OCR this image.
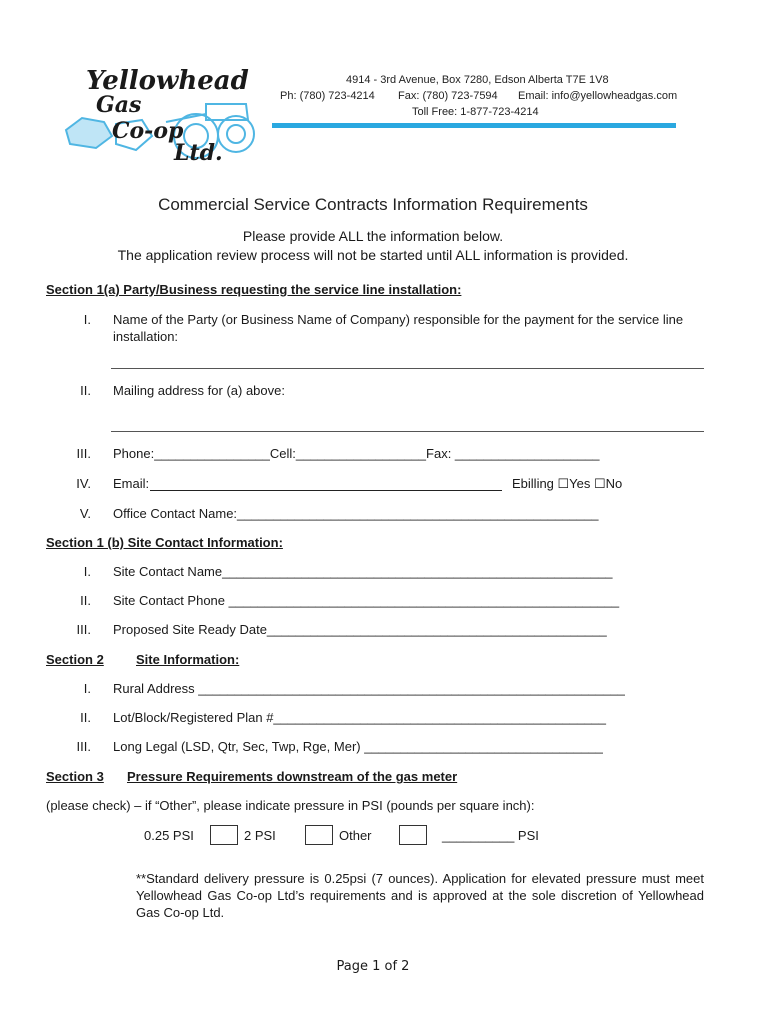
Yellowhead
Gas
Co-op
Ltd.
4914 - 3rd Avenue, Box 7280, Edson Alberta T7E 1V8
Ph: (780) 723-4214 Fax: (780) 723-7594 Email: info@yellowheadgas.com
Toll Free: 1-877-723-4214
Commercial Service Contracts Information Requirements
Please provide ALL the information below.
The application review process will not be started until ALL information is provided.
Section 1(a) Party/Business requesting the service line installation:
I. Name of the Party (or Business Name of Company) responsible for the payment for the service line installation:
II. Mailing address for (a) above:
III. Phone:________________Cell:__________________Fax: ____________________
IV. Email:	Ebilling ☐Yes ☐No
V. Office Contact Name:__________________________________________________
Section 1 (b) Site Contact Information:
I. Site Contact Name______________________________________________________
II. Site Contact Phone ______________________________________________________
III. Proposed Site Ready Date_______________________________________________
Section 2 Site Information:
I. Rural Address ___________________________________________________________
II. Lot/Block/Registered Plan #______________________________________________
III. Long Legal (LSD, Qtr, Sec, Twp, Rge, Mer) _________________________________
Section 3 Pressure Requirements downstream of the gas meter
(please check) – if “Other”, please indicate pressure in PSI (pounds per square inch):
0.25 PSI	2 PSI	Other	__________ PSI
**Standard delivery pressure is 0.25psi (7 ounces). Application for elevated pressure must meet Yellowhead Gas Co-op Ltd’s requirements and is approved at the sole discretion of Yellowhead Gas Co-op Ltd.
Page 1 of 2
